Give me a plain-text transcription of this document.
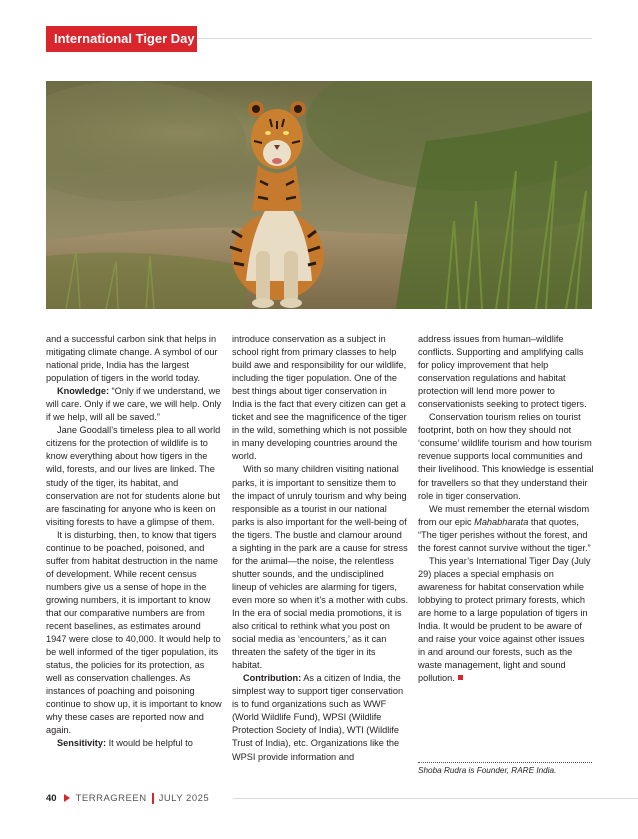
International Tiger Day

and a successful carbon sink that helps in mitigating climate change. A symbol of our national pride, India has the largest population of tigers in the world today.

Knowledge: “Only if we understand, we will care. Only if we care, we will help. Only if we help, will all be saved.”

Jane Goodall’s timeless plea to all world citizens for the protection of wildlife is to know everything about how tigers in the wild, forests, and our lives are linked. The study of the tiger, its habitat, and conservation are not for students alone but are fascinating for anyone who is keen on visiting forests to have a glimpse of them.

It is disturbing, then, to know that tigers continue to be poached, poisoned, and suffer from habitat destruction in the name of development. While recent census numbers give us a sense of hope in the growing numbers, it is important to know that our comparative numbers are from recent baselines, as estimates around 1947 were close to 40,000. It would help to be well informed of the tiger population, its status, the policies for its protection, as well as conservation challenges. As instances of poaching and poisoning continue to show up, it is important to know why these cases are reported now and again.

Sensitivity: It would be helpful to

introduce conservation as a subject in school right from primary classes to help build awe and responsibility for our wildlife, including the tiger population. One of the best things about tiger conservation in India is the fact that every citizen can get a ticket and see the magnificence of the tiger in the wild, something which is not possible in many developing countries around the world.

With so many children visiting national parks, it is important to sensitize them to the impact of unruly tourism and why being responsible as a tourist in our national parks is also important for the well-being of the tigers. The bustle and clamour around a sighting in the park are a cause for stress for the animal—the noise, the relentless shutter sounds, and the undisciplined lineup of vehicles are alarming for tigers, even more so when it’s a mother with cubs. In the era of social media promotions, it is also critical to rethink what you post on social media as ‘encounters,’ as it can threaten the safety of the tiger in its habitat.

Contribution: As a citizen of India, the simplest way to support tiger conservation is to fund organizations such as WWF (World Wildlife Fund), WPSI (Wildlife Protection Society of India), WTI (Wildlife Trust of India), etc. Organizations like the WPSI provide information and

address issues from human–wildlife conflicts. Supporting and amplifying calls for policy improvement that help conservation regulations and habitat protection will lend more power to conservationists seeking to protect tigers.

Conservation tourism relies on tourist footprint, both on how they should not ‘consume’ wildlife tourism and how tourism revenue supports local communities and their livelihood. This knowledge is essential for travellers so that they understand their role in tiger conservation.

We must remember the eternal wisdom from our epic Mahabharata that quotes, “The tiger perishes without the forest, and the forest cannot survive without the tiger.”

This year’s International Tiger Day (July 29) places a special emphasis on awareness for habitat conservation while lobbying to protect primary forests, which are home to a large population of tigers in India. It would be prudent to be aware of and raise your voice against other issues in and around our forests, such as the waste management, light and sound pollution.

Shoba Rudra is Founder, RARE India.
40 TERRAGREEN JULY 2025
